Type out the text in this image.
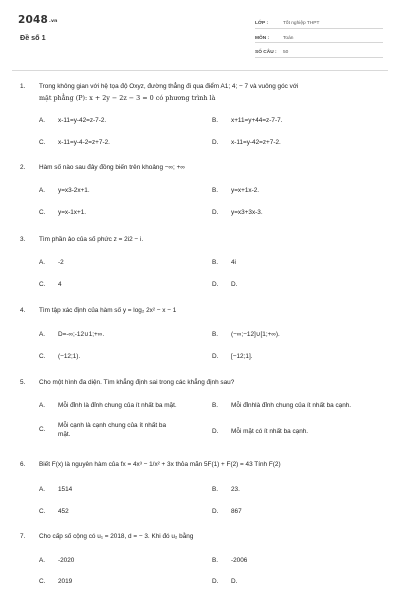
2048.vn
Đề số 1
LỚP :	Tốt nghiệp THPT
MÔN :	Toán
SỐ CÂU :	50
1. Trong không gian với hệ tọa độ Oxyz, đường thẳng đi qua điểm A1; 4; − 7 và vuông góc với
mặt phẳng (P): x + 2y − 2z − 3 = 0 có phương trình là
A. x-11=y-42=z-7-2.	B. x+11=y+44=z-7-7.
C. x-11=y-4-2=z+7-2.	D. x-11=y-42=z+7-2.
2. Hàm số nào sau đây đồng biến trên khoảng −∞; +∞
A. y=x3-2x+1.	B. y=x+1x-2.
C. y=x-1x+1.	D. y=x3+3x-3.
3. Tìm phần ảo của số phức z = 2i2 − i.
A. -2	B. 4i
C. 4	D. D.
4. Tìm tập xác định của hàm số y = log₂ 2x² − x − 1
A. D=-∞;-12∪1;+∞.	B. (−∞;−12]∪[1;+∞).
C. (−12;1).	D. [−12;1].
5. Cho một hình đa diện. Tìm khẳng định sai trong các khẳng định sau?
A. Mỗi đỉnh là đỉnh chung của ít nhất ba mặt.	B. Mỗi đỉnhlà đỉnh chung của ít nhất ba cạnh.
C.
Mỗi cạnh là cạnh chung của ít nhất ba mặt.	D. Mỗi mặt có ít nhất ba cạnh.
6. Biết F(x) là nguyên hàm của fx = 4x³ − 1/x² + 3x thỏa mãn 5F(1) + F(2) = 43 Tính F(2)
A. 1514	B. 23.
C. 452	D. 867
7. Cho cấp số cộng có u₁ = 2018, d = − 3. Khi đó u₂ bằng
A. -2020	B. -2006
C. 2019	D. D.
